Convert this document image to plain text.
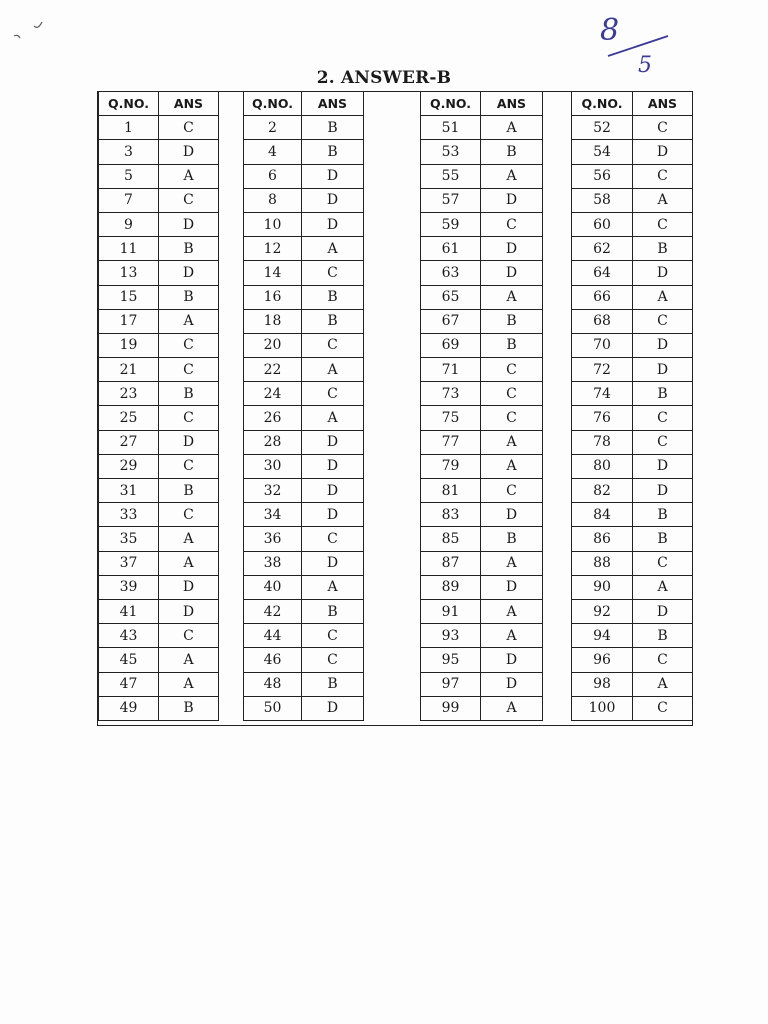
8
5
2. ANSWER-B
Q.NO.	ANS
1	C
3	D
5	A
7	C
9	D
11	B
13	D
15	B
17	A
19	C
21	C
23	B
25	C
27	D
29	C
31	B
33	C
35	A
37	A
39	D
41	D
43	C
45	A
47	A
49	B
Q.NO.	ANS
2	B
4	B
6	D
8	D
10	D
12	A
14	C
16	B
18	B
20	C
22	A
24	C
26	A
28	D
30	D
32	D
34	D
36	C
38	D
40	A
42	B
44	C
46	C
48	B
50	D
Q.NO.	ANS
51	A
53	B
55	A
57	D
59	C
61	D
63	D
65	A
67	B
69	B
71	C
73	C
75	C
77	A
79	A
81	C
83	D
85	B
87	A
89	D
91	A
93	A
95	D
97	D
99	A
Q.NO.	ANS
52	C
54	D
56	C
58	A
60	C
62	B
64	D
66	A
68	C
70	D
72	D
74	B
76	C
78	C
80	D
82	D
84	B
86	B
88	C
90	A
92	D
94	B
96	C
98	A
100	C
